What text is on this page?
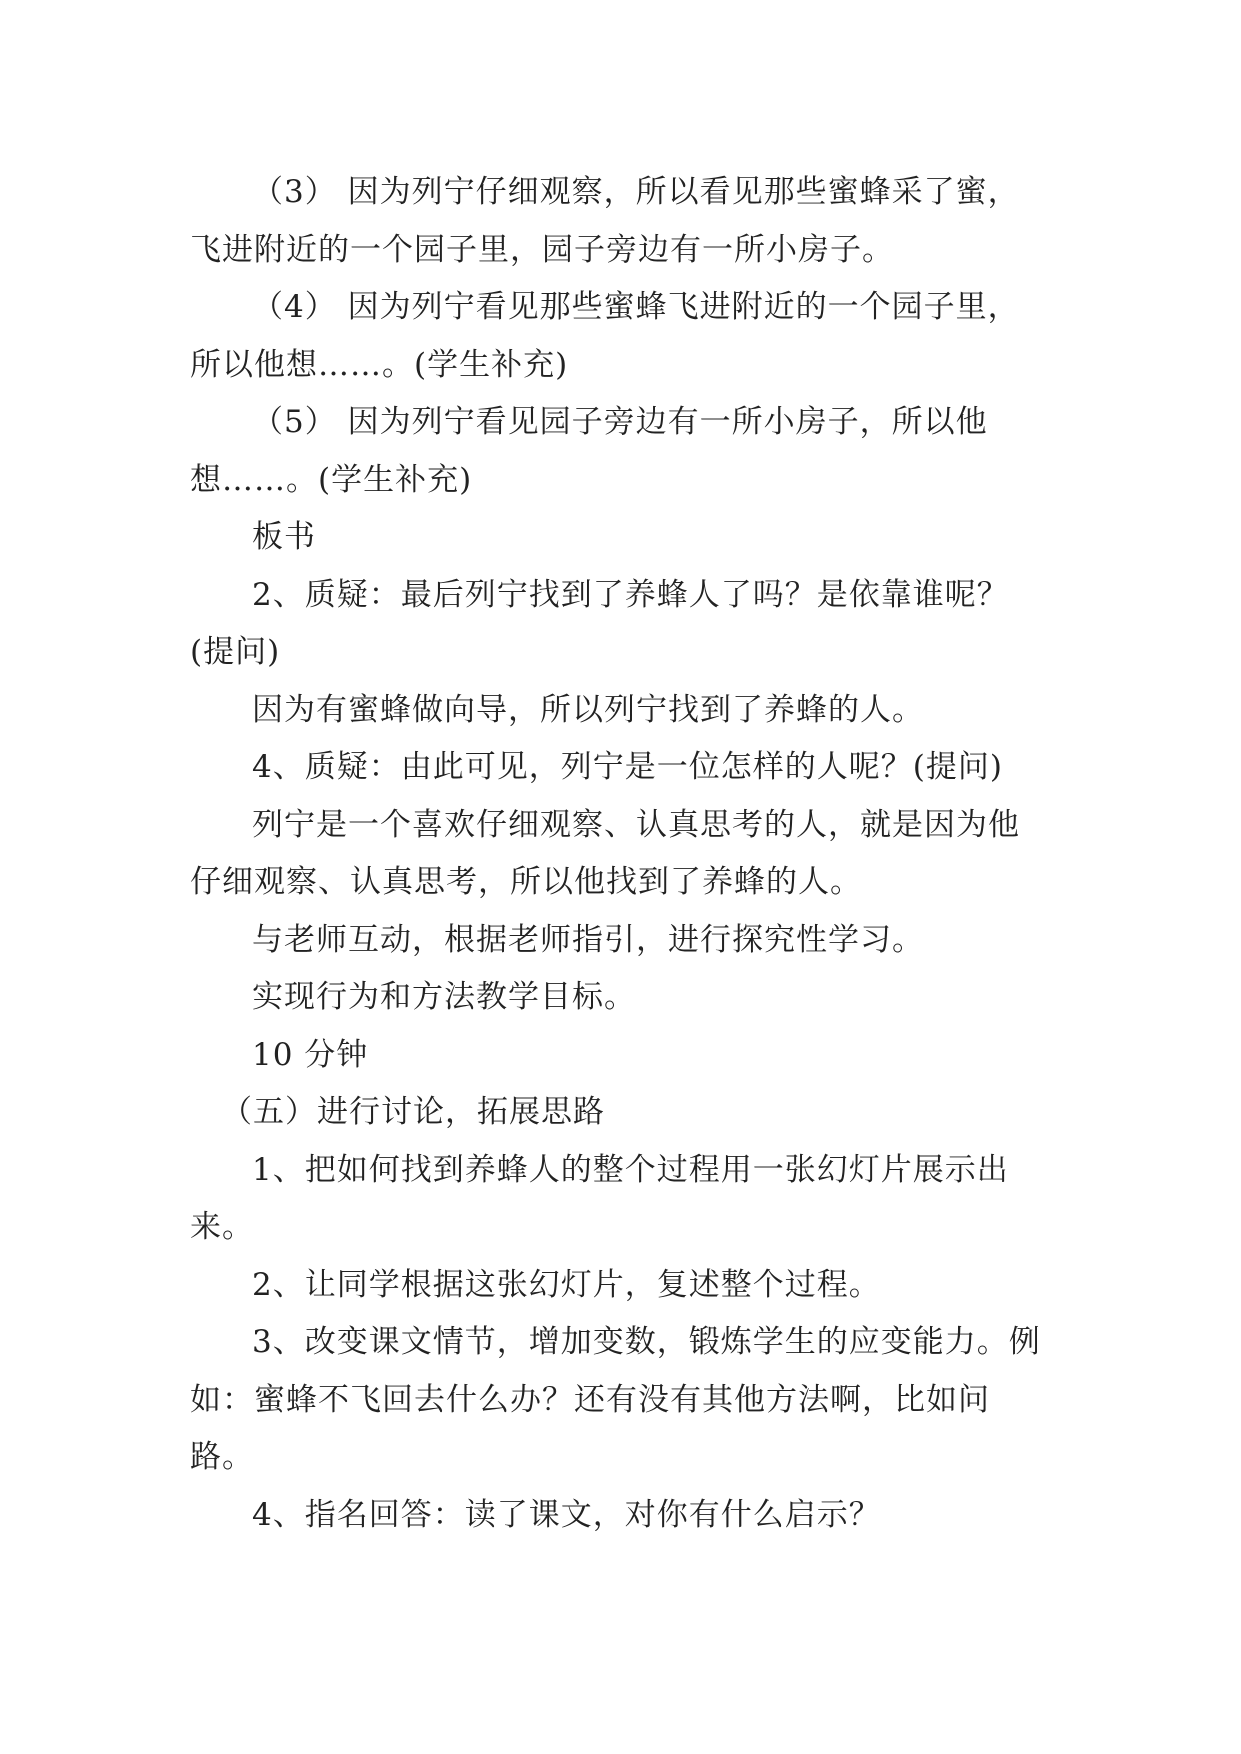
（3） 因为列宁仔细观察，所以看见那些蜜蜂采了蜜，飞进附近的一个园子里，园子旁边有一所小房子。

（4） 因为列宁看见那些蜜蜂飞进附近的一个园子里，所以他想……。(学生补充)

（5） 因为列宁看见园子旁边有一所小房子，所以他想……。(学生补充)

板书

2、质疑：最后列宁找到了养蜂人了吗？是依靠谁呢？(提问)

因为有蜜蜂做向导，所以列宁找到了养蜂的人。

4、质疑：由此可见，列宁是一位怎样的人呢？(提问)

列宁是一个喜欢仔细观察、认真思考的人，就是因为他仔细观察、认真思考，所以他找到了养蜂的人。

与老师互动，根据老师指引，进行探究性学习。

实现行为和方法教学目标。

10 分钟

（五）进行讨论，拓展思路

1、把如何找到养蜂人的整个过程用一张幻灯片展示出来。

2、让同学根据这张幻灯片，复述整个过程。

3、改变课文情节，增加变数，锻炼学生的应变能力。例如：蜜蜂不飞回去什么办？还有没有其他方法啊，比如问路。

4、指名回答：读了课文，对你有什么启示？
